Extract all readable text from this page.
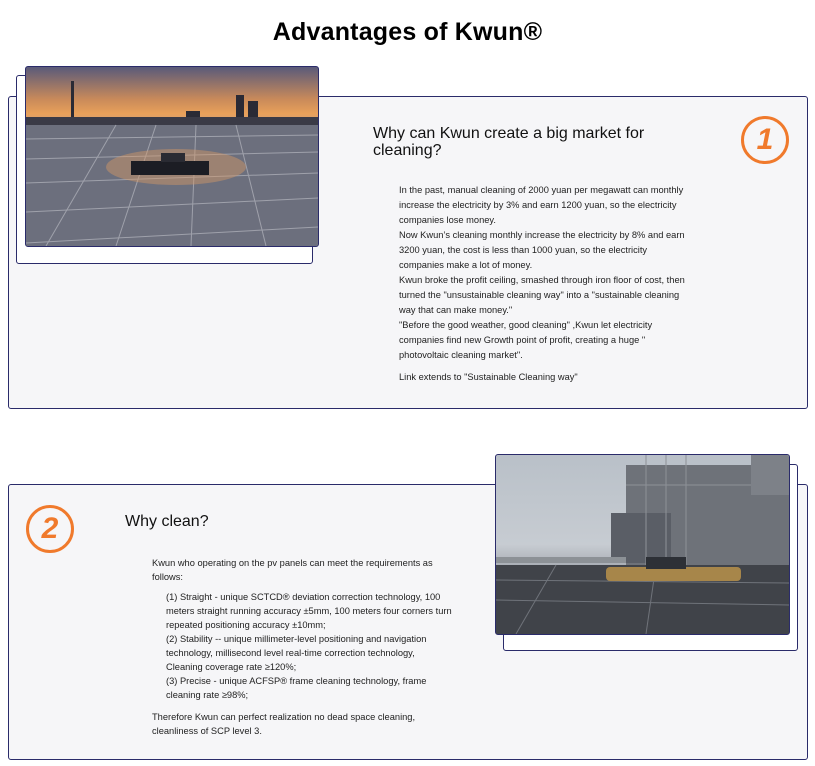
Advantages of Kwun®
Why can Kwun create a big market for cleaning?	1

In the past, manual cleaning of 2000 yuan per megawatt can monthly increase the electricity by 3% and earn 1200 yuan, so the electricity companies lose money.

Now Kwun’s cleaning monthly increase the electricity by 8% and earn 3200 yuan, the cost is less than 1000 yuan, so the electricity companies make a lot of money.

Kwun broke the profit ceiling, smashed through iron floor of cost, then turned the "unsustainable cleaning way" into a "sustainable cleaning way that can make money."

"Before the good weather, good cleaning" ,Kwun let electricity companies find new Growth point of profit, creating a huge " photovoltaic cleaning market".

Link extends to "Sustainable Cleaning way"

2	Why clean?

Kwun who operating on the pv panels can meet the requirements as follows:

(1) Straight - unique SCTCD® deviation correction technology, 100 meters straight running accuracy ±5mm, 100 meters four corners turn repeated positioning accuracy ±10mm;

(2) Stability -- unique millimeter-level positioning and navigation technology, millisecond level real-time correction technology, Cleaning coverage rate ≥120%;

(3) Precise - unique ACFSP® frame cleaning technology, frame cleaning rate ≥98%;

Therefore Kwun can perfect realization no dead space cleaning, cleanliness of SCP level 3.
